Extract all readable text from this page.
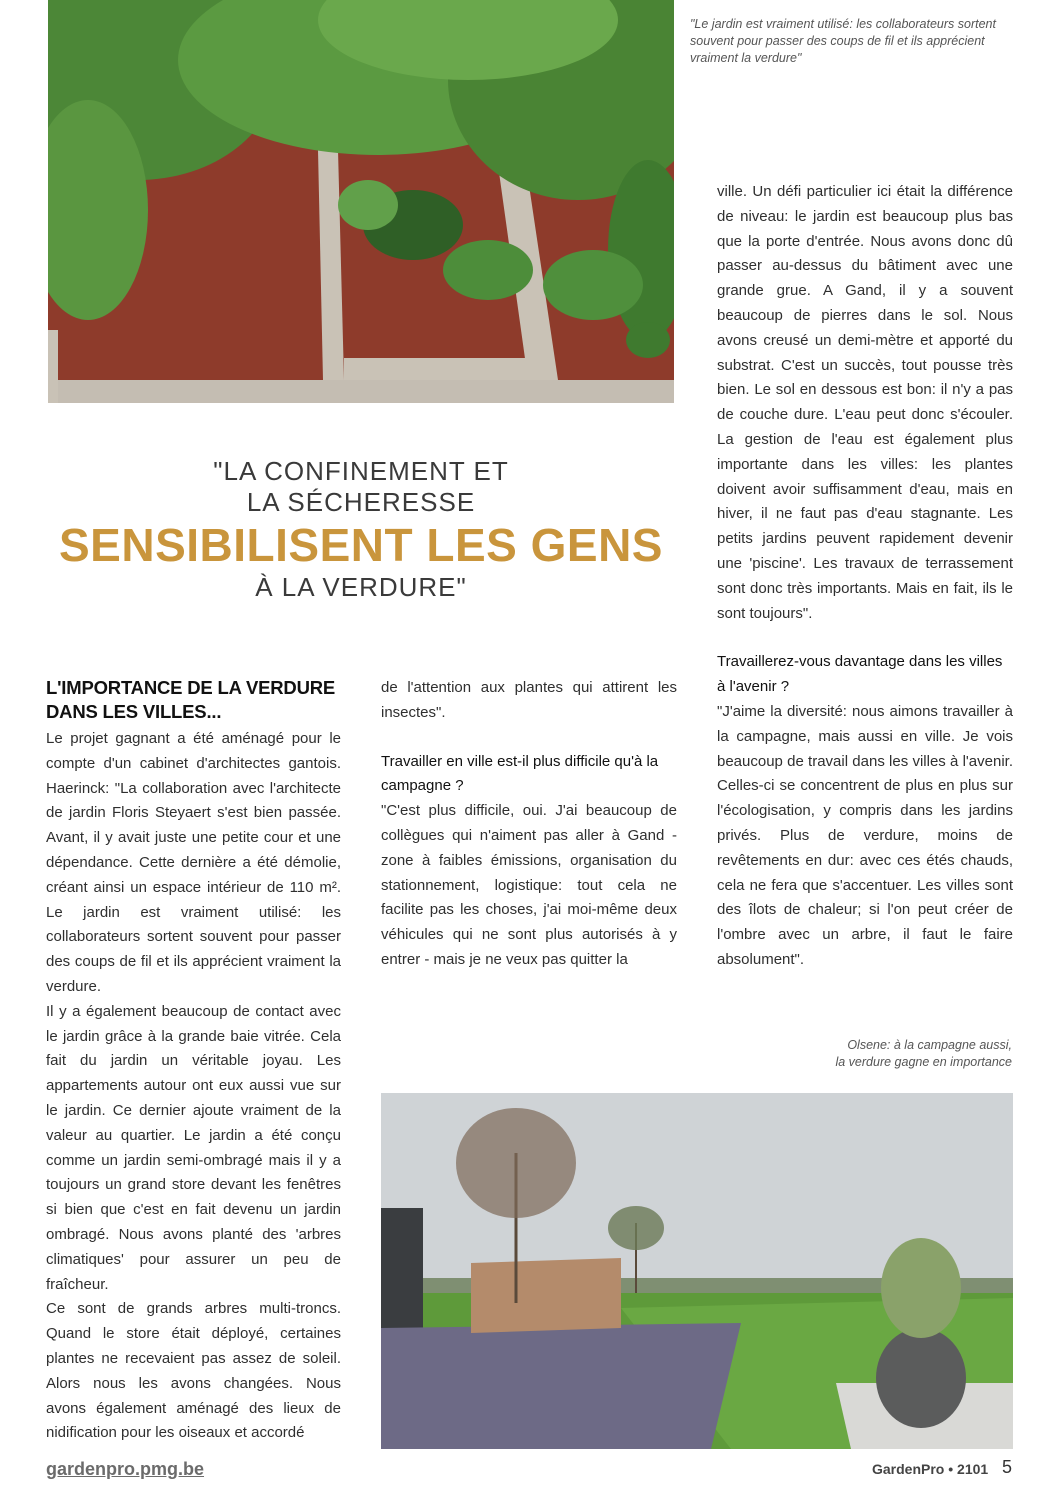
"Le jardin est vraiment utilisé: les collaborateurs sortent souvent pour passer des coups de fil et ils apprécient vraiment la verdure"
"LA CONFINEMENT ET
LA SÉCHERESSE
SENSIBILISENT LES GENS
À LA VERDURE"
L'IMPORTANCE DE LA VERDURE DANS LES VILLES...

Le projet gagnant a été aménagé pour le compte d'un cabinet d'architectes gantois. Haerinck: "La collaboration avec l'architecte de jardin Floris Steyaert s'est bien passée. Avant, il y avait juste une petite cour et une dépendance. Cette dernière a été démolie, créant ainsi un espace intérieur de 110 m². Le jardin est vraiment utilisé: les collaborateurs sortent souvent pour passer des coups de fil et ils apprécient vraiment la verdure.

Il y a également beaucoup de contact avec le jardin grâce à la grande baie vitrée. Cela fait du jardin un véritable joyau. Les appartements autour ont eux aussi vue sur le jardin. Ce dernier ajoute vraiment de la valeur au quartier. Le jardin a été conçu comme un jardin semi-ombragé mais il y a toujours un grand store devant les fenêtres si bien que c'est en fait devenu un jardin ombragé. Nous avons planté des 'arbres climatiques' pour assurer un peu de fraîcheur.

Ce sont de grands arbres multi-troncs. Quand le store était déployé, certaines plantes ne recevaient pas assez de soleil. Alors nous les avons changées. Nous avons également aménagé des lieux de nidification pour les oiseaux et accordé

de l'attention aux plantes qui attirent les insectes".

Travailler en ville est-il plus difficile qu'à la campagne ?

"C'est plus difficile, oui. J'ai beaucoup de collègues qui n'aiment pas aller à Gand - zone à faibles émissions, organisation du stationnement, logistique: tout cela ne facilite pas les choses, j'ai moi-même deux véhicules qui ne sont plus autorisés à y entrer - mais je ne veux pas quitter la

ville. Un défi particulier ici était la différence de niveau: le jardin est beaucoup plus bas que la porte d'entrée. Nous avons donc dû passer au-dessus du bâtiment avec une grande grue. A Gand, il y a souvent beaucoup de pierres dans le sol. Nous avons creusé un demi-mètre et apporté du substrat. C'est un succès, tout pousse très bien. Le sol en dessous est bon: il n'y a pas de couche dure. L'eau peut donc s'écouler. La gestion de l'eau est également plus importante dans les villes: les plantes doivent avoir suffisamment d'eau, mais en hiver, il ne faut pas d'eau stagnante. Les petits jardins peuvent rapidement devenir une 'piscine'. Les travaux de terrassement sont donc très importants. Mais en fait, ils le sont toujours".

Travaillerez-vous davantage dans les villes à l'avenir ?

"J'aime la diversité: nous aimons travailler à la campagne, mais aussi en ville. Je vois beaucoup de travail dans les villes à l'avenir. Celles-ci se concentrent de plus en plus sur l'écologisation, y compris dans les jardins privés. Plus de verdure, moins de revêtements en dur: avec ces étés chauds, cela ne fera que s'accentuer. Les villes sont des îlots de chaleur; si l'on peut créer de l'ombre avec un arbre, il faut le faire absolument".

Olsene: à la campagne aussi,
la verdure gagne en importance
gardenpro.pmg.be	GardenPro • 2101 5
